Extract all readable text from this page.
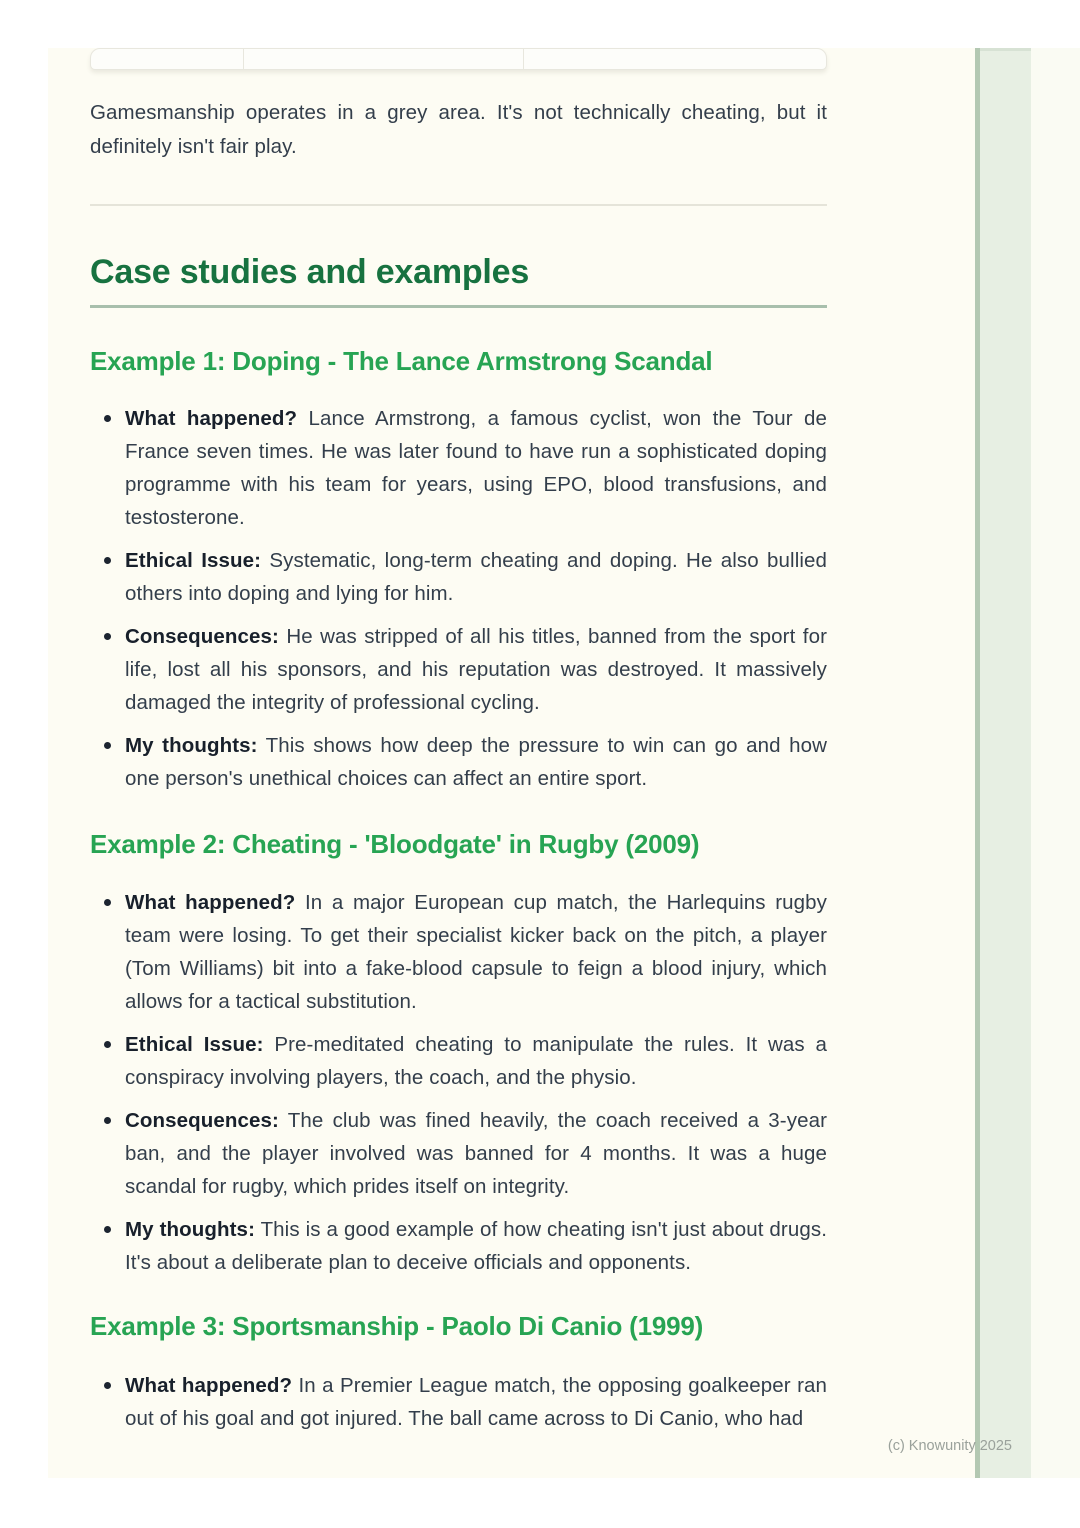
Gamesmanship operates in a grey area. It's not technically cheating, but it definitely isn't fair play.

Case studies and examples
Example 1: Doping - The Lance Armstrong Scandal

What happened? Lance Armstrong, a famous cyclist, won the Tour de France seven times. He was later found to have run a sophisticated doping programme with his team for years, using EPO, blood transfusions, and testosterone.

Ethical Issue: Systematic, long-term cheating and doping. He also bullied others into doping and lying for him.

Consequences: He was stripped of all his titles, banned from the sport for life, lost all his sponsors, and his reputation was destroyed. It massively damaged the integrity of professional cycling.

My thoughts: This shows how deep the pressure to win can go and how one person's unethical choices can affect an entire sport.

Example 2: Cheating - 'Bloodgate' in Rugby (2009)

What happened? In a major European cup match, the Harlequins rugby team were losing. To get their specialist kicker back on the pitch, a player (Tom Williams) bit into a fake-blood capsule to feign a blood injury, which allows for a tactical substitution.

Ethical Issue: Pre-meditated cheating to manipulate the rules. It was a conspiracy involving players, the coach, and the physio.

Consequences: The club was fined heavily, the coach received a 3-year ban, and the player involved was banned for 4 months. It was a huge scandal for rugby, which prides itself on integrity.

My thoughts: This is a good example of how cheating isn't just about drugs. It's about a deliberate plan to deceive officials and opponents.

Example 3: Sportsmanship - Paolo Di Canio (1999)

What happened? In a Premier League match, the opposing goalkeeper ran out of his goal and got injured. The ball came across to Di Canio, who had

(c) Knowunity 2025
